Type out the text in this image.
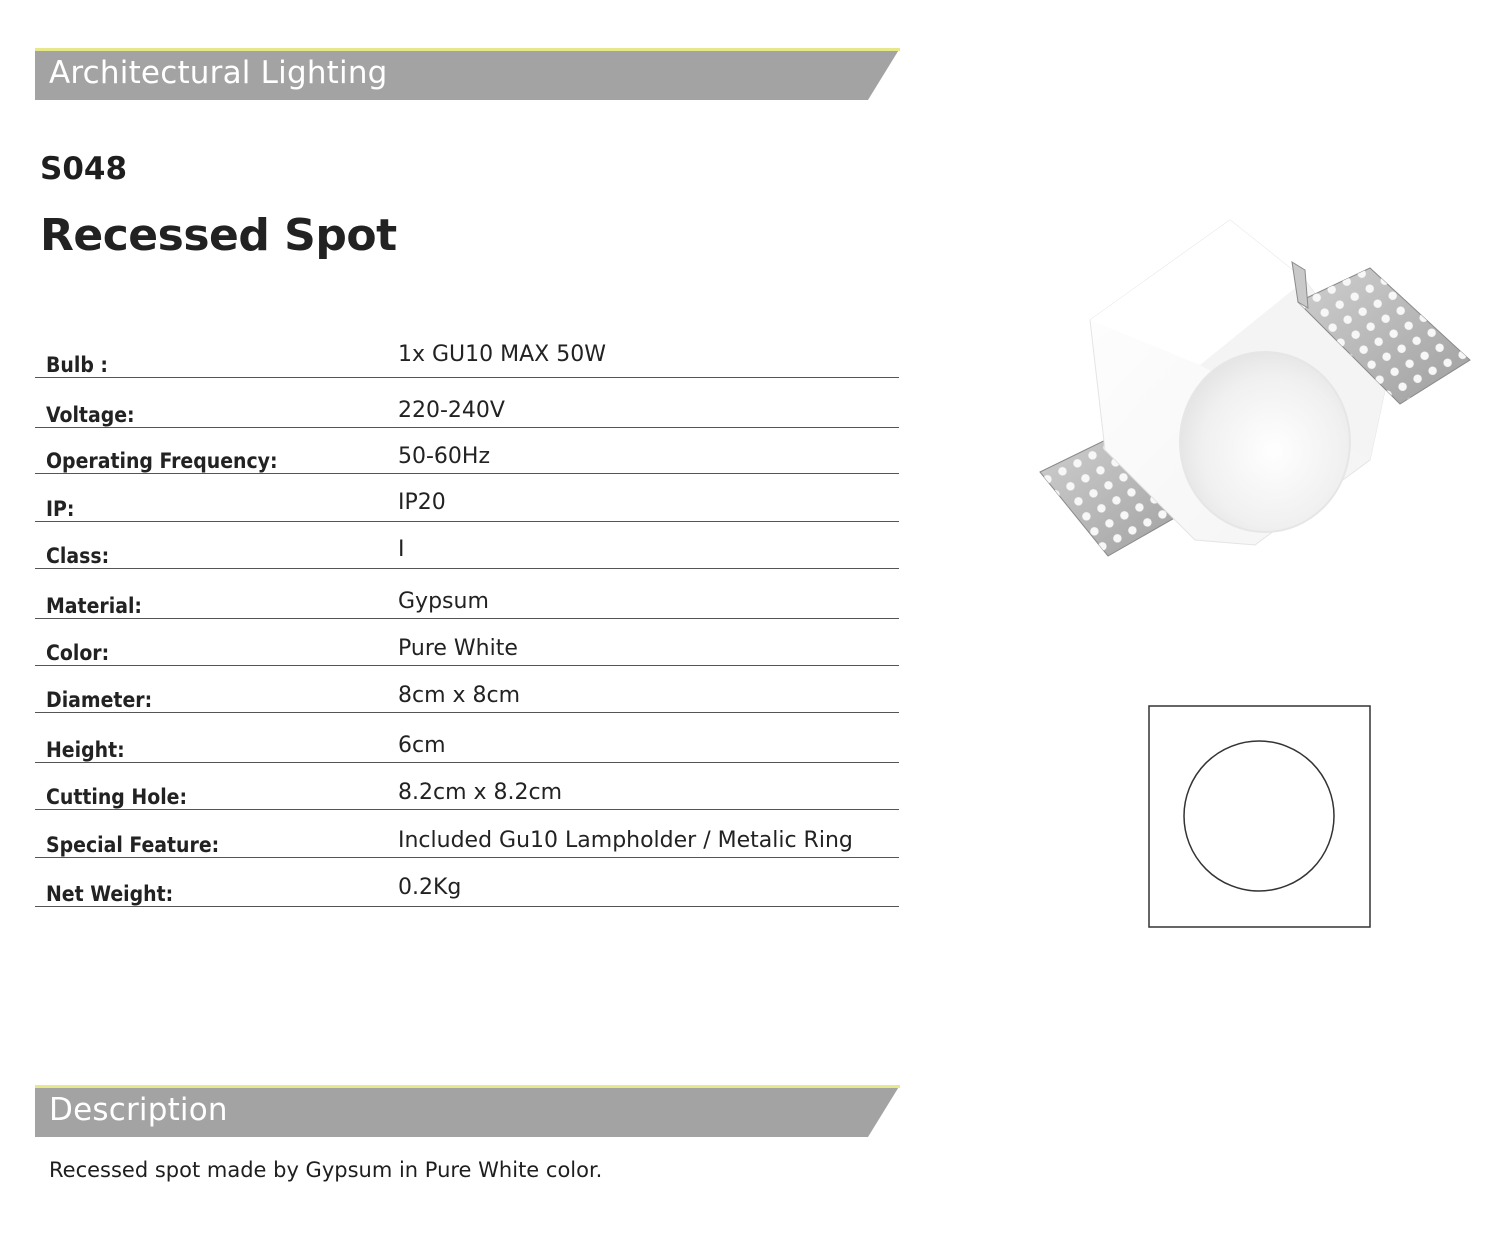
Architectural Lighting
S048
Recessed Spot
Bulb :	1x GU10 MAX 50W
Voltage:	220-240V
Operating Frequency:	50-60Hz
IP:	IP20
Class:	I
Material:	Gypsum
Color:	Pure White
Diameter:	8cm x 8cm
Height:	6cm
Cutting Hole:	8.2cm x 8.2cm
Special Feature:	Included Gu10 Lampholder / Metalic Ring
Net Weight:	0.2Kg
Description
Recessed spot made by Gypsum in Pure White color.
